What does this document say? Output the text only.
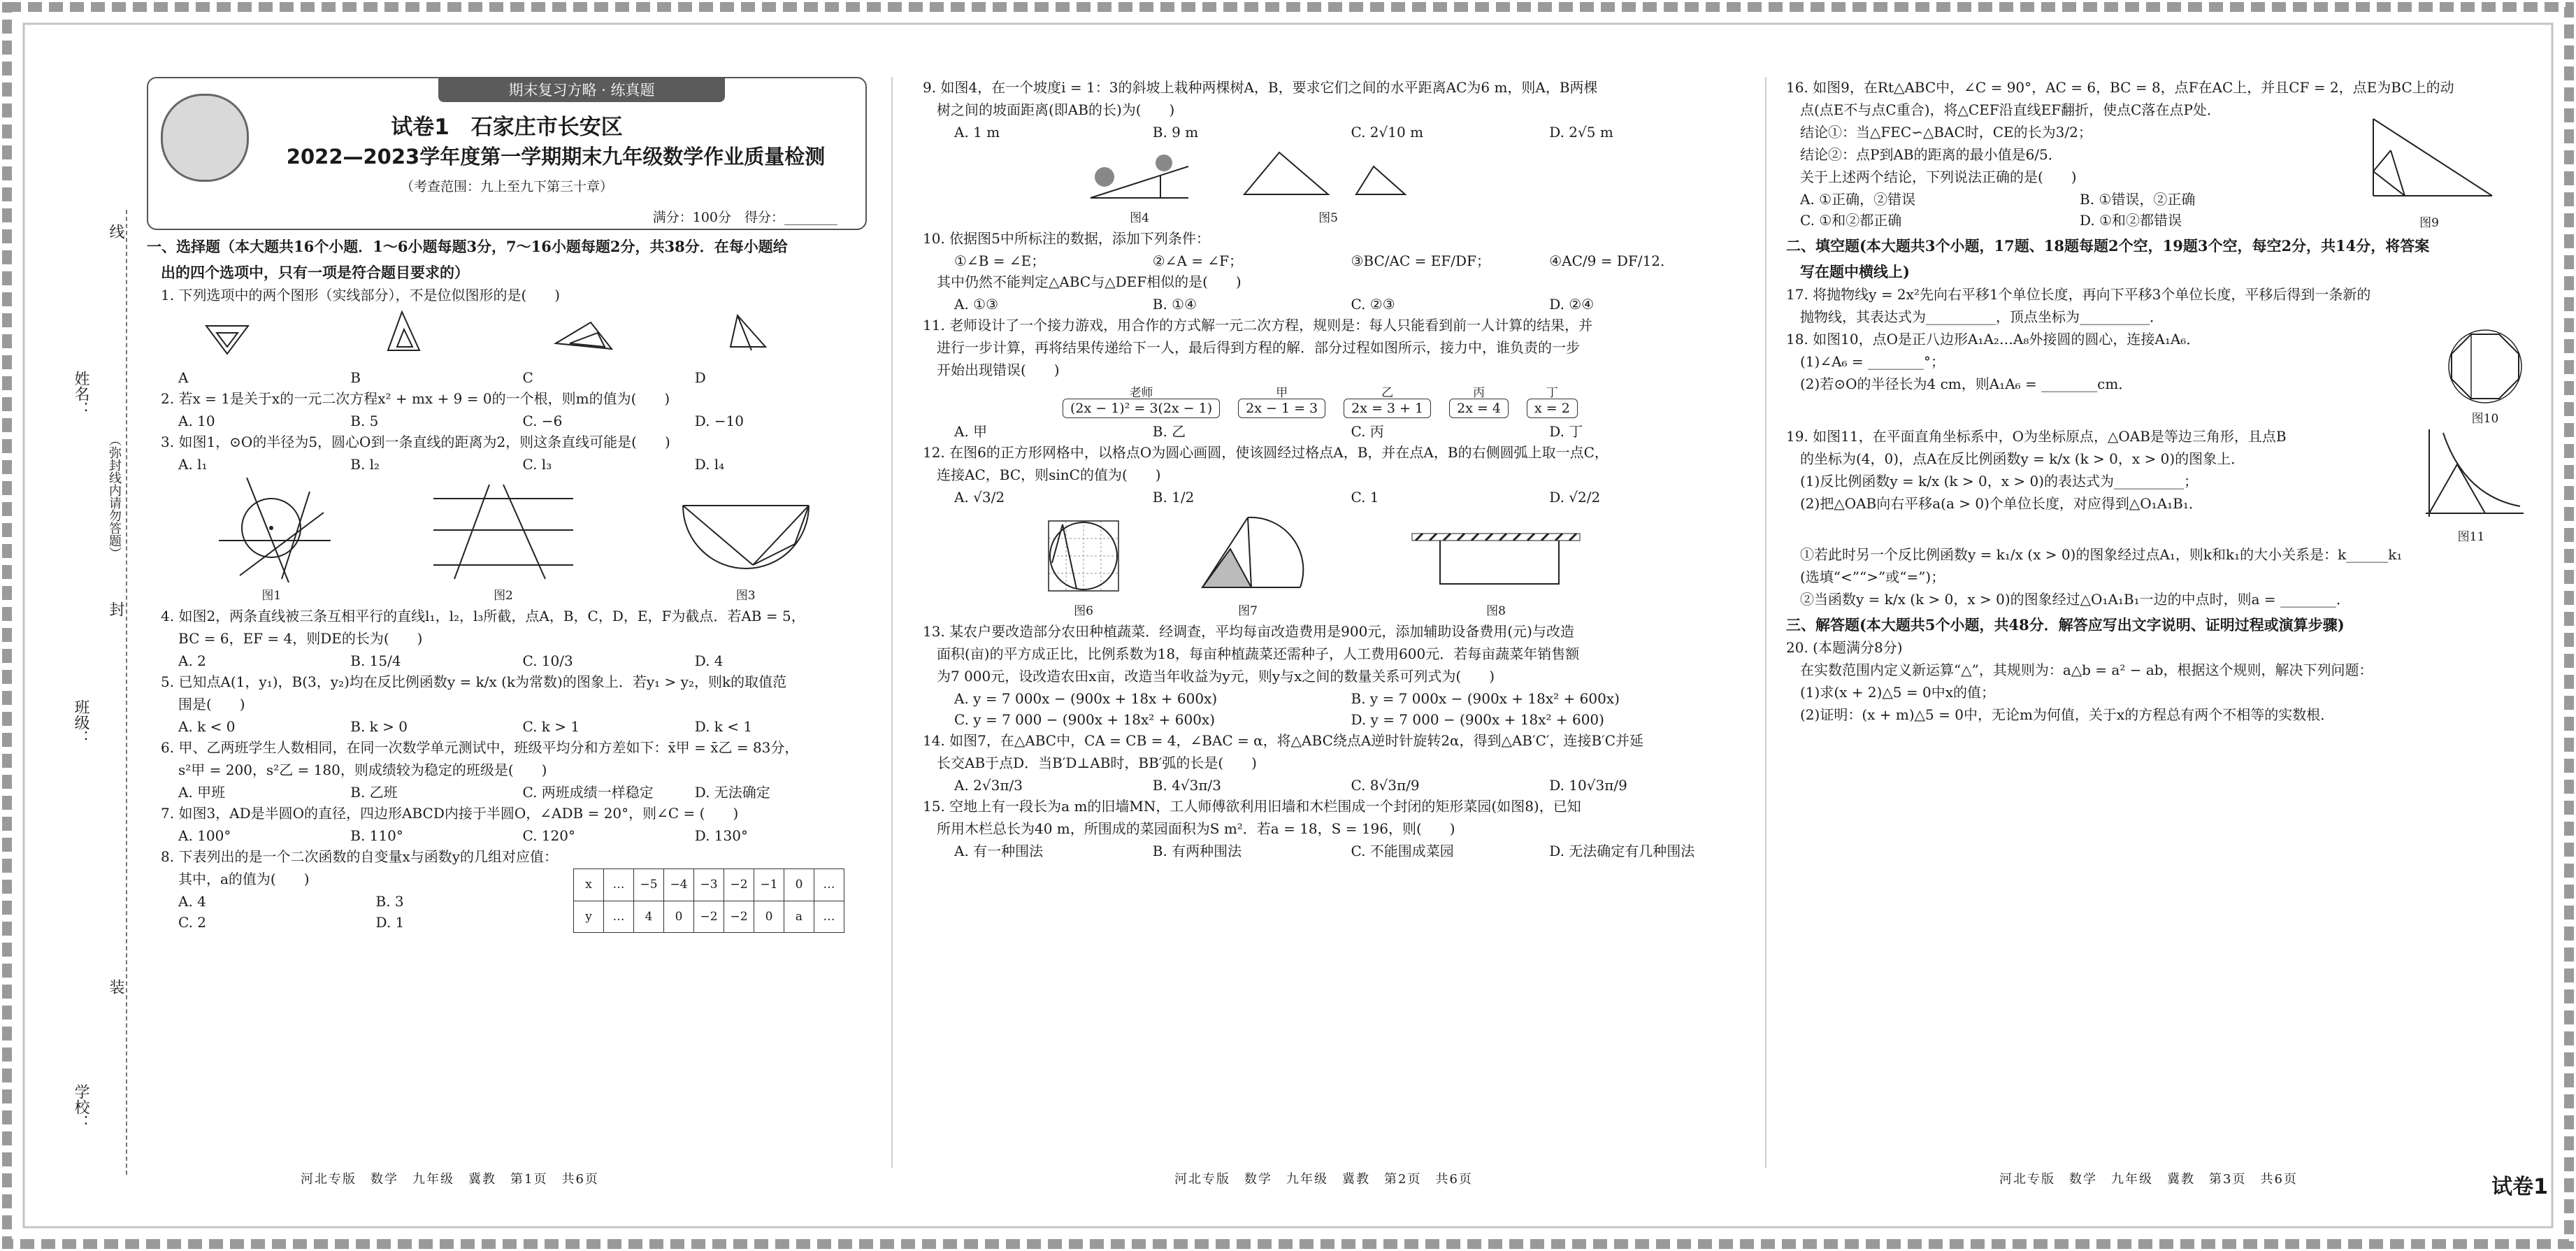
姓名：
班级：
学校：
线
封
装
（弥封线内请勿答题）
期末复习方略 · 练真题
试卷1　石家庄市长安区
2022—2023学年度第一学期期末九年级数学作业质量检测
（考查范围：九上至九下第三十章）
满分：100分　得分：________
一、选择题（本大题共16个小题．1～6小题每题3分，7～16小题每题2分，共38分．在每小题给
出的四个选项中，只有一项是符合题目要求的）
1. 下列选项中的两个图形（实线部分），不是位似图形的是(　　)
A	B	C	D
2. 若x = 1是关于x的一元二次方程x² + mx + 9 = 0的一个根，则m的值为(　　)
A. 10	B. 5	C. −6	D. −10
3. 如图1，⊙O的半径为5，圆心O到一条直线的距离为2，则这条直线可能是(　　)
A. l₁	B. l₂	C. l₃	D. l₄
图1	图2	图3
4. 如图2，两条直线被三条互相平行的直线l₁，l₂，l₃所截，点A，B，C，D，E，F为截点．若AB = 5，
BC = 6，EF = 4，则DE的长为(　　)
A. 2	B. 15/4	C. 10/3	D. 4
5. 已知点A(1，y₁)，B(3，y₂)均在反比例函数y = k/x (k为常数)的图象上．若y₁ > y₂，则k的取值范
围是(　　)
A. k < 0	B. k > 0	C. k > 1	D. k < 1
6. 甲、乙两班学生人数相同，在同一次数学单元测试中，班级平均分和方差如下：x̄甲 = x̄乙 = 83分，
s²甲 = 200，s²乙 = 180，则成绩较为稳定的班级是(　　)
A. 甲班	B. 乙班	C. 两班成绩一样稳定	D. 无法确定
7. 如图3，AD是半圆O的直径，四边形ABCD内接于半圆O，∠ADB = 20°，则∠C = (　　)
A. 100°	B. 110°	C. 120°	D. 130°
8. 下表列出的是一个二次函数的自变量x与函数y的几组对应值：
其中，a的值为(　　)
A. 4	B. 3
C. 2	D. 1
x	…	−5	−4	−3	−2	−1	0	…
y	…	4	0	−2	−2	0	a	…
河北专版　数学　九年级　冀教　第1页　共6页
9. 如图4，在一个坡度i = 1：3的斜坡上栽种两棵树A，B，要求它们之间的水平距离AC为6 m，则A，B两棵
树之间的坡面距离(即AB的长)为(　　)
A. 1 m	B. 9 m	C. 2√10 m	D. 2√5 m
图4	图5
10. 依据图5中所标注的数据，添加下列条件：
①∠B = ∠E；	②∠A = ∠F；	③BC/AC = EF/DF；	④AC/9 = DF/12．
其中仍然不能判定△ABC与△DEF相似的是(　　)
A. ①③	B. ①④	C. ②③	D. ②④
11. 老师设计了一个接力游戏，用合作的方式解一元二次方程，规则是：每人只能看到前一人计算的结果，并
进行一步计算，再将结果传递给下一人，最后得到方程的解．部分过程如图所示，接力中，谁负责的一步
开始出现错误(　　)
老师
(2x − 1)² = 3(2x − 1)
甲
2x − 1 = 3
乙
2x = 3 + 1
丙
2x = 4
丁
x = 2
A. 甲	B. 乙	C. 丙	D. 丁
12. 在图6的正方形网格中，以格点O为圆心画圆，使该圆经过格点A，B，并在点A，B的右侧圆弧上取一点C，
连接AC，BC，则sinC的值为(　　)
A. √3/2	B. 1/2	C. 1	D. √2/2
图6	图7	图8
13. 某农户要改造部分农田种植蔬菜．经调查，平均每亩改造费用是900元，添加辅助设备费用(元)与改造
面积(亩)的平方成正比，比例系数为18，每亩种植蔬菜还需种子，人工费用600元．若每亩蔬菜年销售额
为7 000元，设改造农田x亩，改造当年收益为y元，则y与x之间的数量关系可列式为(　　)
A. y = 7 000x − (900x + 18x + 600x)	B. y = 7 000x − (900x + 18x² + 600x)
C. y = 7 000 − (900x + 18x² + 600x)	D. y = 7 000 − (900x + 18x² + 600)
14. 如图7，在△ABC中，CA = CB = 4，∠BAC = α，将△ABC绕点A逆时针旋转2α，得到△AB′C′，连接B′C并延
长交AB于点D．当B′D⊥AB时，BB′弧的长是(　　)
A. 2√3π/3	B. 4√3π/3	C. 8√3π/9	D. 10√3π/9
15. 空地上有一段长为a m的旧墙MN，工人师傅欲利用旧墙和木栏围成一个封闭的矩形菜园(如图8)，已知
所用木栏总长为40 m，所围成的菜园面积为S m²．若a = 18，S = 196，则(　　)
A. 有一种围法	B. 有两种围法	C. 不能围成菜园	D. 无法确定有几种围法
河北专版　数学　九年级　冀教　第2页　共6页
16. 如图9，在Rt△ABC中，∠C = 90°，AC = 6，BC = 8，点F在AC上，并且CF = 2，点E为BC上的动
点(点E不与点C重合)，将△CEF沿直线EF翻折，使点C落在点P处．
结论①：当△FEC∽△BAC时，CE的长为3/2；
结论②：点P到AB的距离的最小值是6/5．
关于上述两个结论，下列说法正确的是(　　)
A. ①正确，②错误	B. ①错误，②正确
C. ①和②都正确	D. ①和②都错误	图9
二、填空题(本大题共3个小题，17题、18题每题2个空，19题3个空，每空2分，共14分，将答案
写在题中横线上)
17. 将抛物线y = 2x²先向右平移1个单位长度，再向下平移3个单位长度，平移后得到一条新的
抛物线，其表达式为__________，顶点坐标为__________．
18. 如图10，点O是正八边形A₁A₂…A₈外接圆的圆心，连接A₁A₆．
(1)∠A₆ = ________°；
(2)若⊙O的半径长为4 cm，则A₁A₆ = ________cm．
图10
19. 如图11，在平面直角坐标系中，O为坐标原点，△OAB是等边三角形，且点B
的坐标为(4，0)，点A在反比例函数y = k/x (k > 0，x > 0)的图象上．
(1)反比例函数y = k/x (k > 0，x > 0)的表达式为__________；
(2)把△OAB向右平移a(a > 0)个单位长度，对应得到△O₁A₁B₁．
图11
①若此时另一个反比例函数y = k₁/x (x > 0)的图象经过点A₁，则k和k₁的大小关系是：k______k₁
(选填“<”“>”或“=”)；
②当函数y = k/x (k > 0，x > 0)的图象经过△O₁A₁B₁一边的中点时，则a = ________．
三、解答题(本大题共5个小题，共48分．解答应写出文字说明、证明过程或演算步骤)
20. (本题满分8分)
在实数范围内定义新运算“△”，其规则为：a△b = a² − ab，根据这个规则，解决下列问题：
(1)求(x + 2)△5 = 0中x的值；
(2)证明：(x + m)△5 = 0中，无论m为何值，关于x的方程总有两个不相等的实数根．
河北专版　数学　九年级　冀教　第3页　共6页	试卷1
